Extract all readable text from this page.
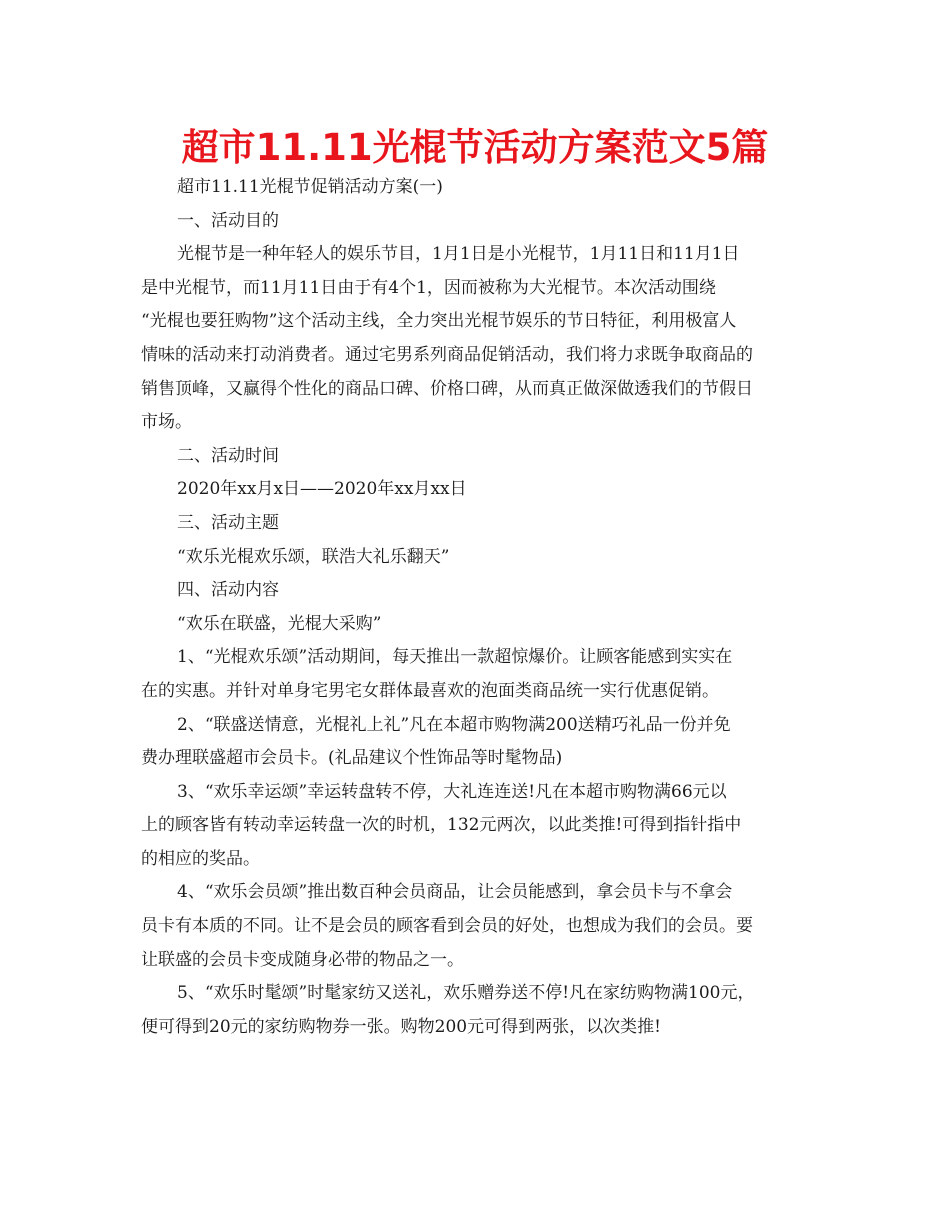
超市11.11光棍节活动方案范文5篇
超市11.11光棍节促销活动方案(一)
一、活动目的
光棍节是一种年轻人的娱乐节目，1月1日是小光棍节，1月11日和11月1日
是中光棍节，而11月11日由于有4个1，因而被称为大光棍节。本次活动围绕
“光棍也要狂购物”这个活动主线，全力突出光棍节娱乐的节日特征，利用极富人
情味的活动来打动消费者。通过宅男系列商品促销活动，我们将力求既争取商品的
销售顶峰，又赢得个性化的商品口碑、价格口碑，从而真正做深做透我们的节假日
市场。
二、活动时间
2020年xx月x日——2020年xx月xx日
三、活动主题
“欢乐光棍欢乐颂，联浩大礼乐翻天”
四、活动内容
“欢乐在联盛，光棍大采购”
1、“光棍欢乐颂”活动期间，每天推出一款超惊爆价。让顾客能感到实实在
在的实惠。并针对单身宅男宅女群体最喜欢的泡面类商品统一实行优惠促销。
2、“联盛送情意，光棍礼上礼”凡在本超市购物满200送精巧礼品一份并免
费办理联盛超市会员卡。(礼品建议个性饰品等时髦物品)
3、“欢乐幸运颂”幸运转盘转不停，大礼连连送!凡在本超市购物满66元以
上的顾客皆有转动幸运转盘一次的时机，132元两次，以此类推!可得到指针指中
的相应的奖品。
4、“欢乐会员颂”推出数百种会员商品，让会员能感到，拿会员卡与不拿会
员卡有本质的不同。让不是会员的顾客看到会员的好处，也想成为我们的会员。要
让联盛的会员卡变成随身必带的物品之一。
5、“欢乐时髦颂”时髦家纺又送礼，欢乐赠券送不停!凡在家纺购物满100元，
便可得到20元的家纺购物券一张。购物200元可得到两张，以次类推!
